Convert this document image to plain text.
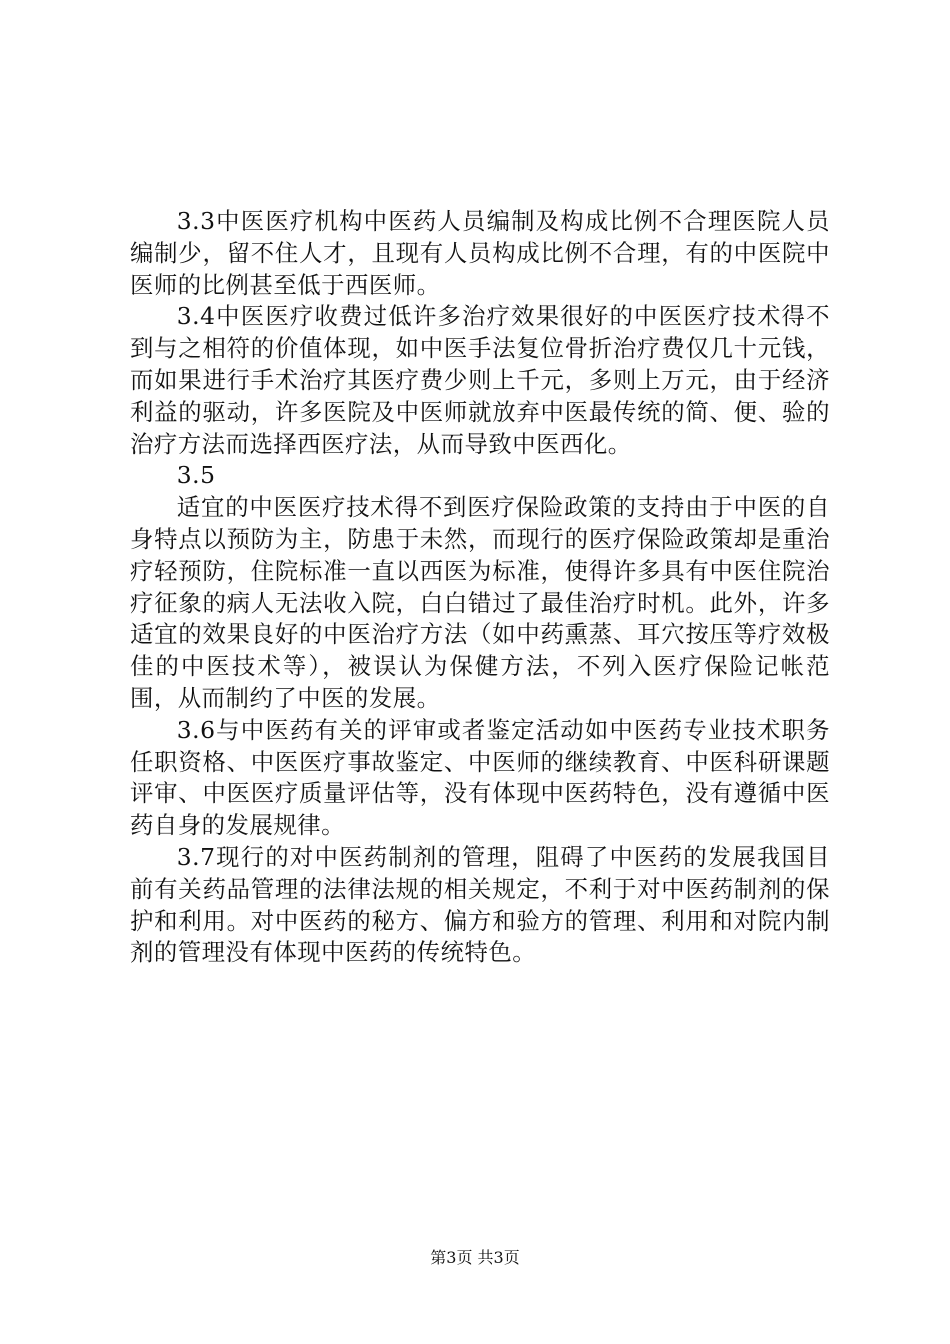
3.3中医医疗机构中医药人员编制及构成比例不合理医院人员编制少，留不住人才，且现有人员构成比例不合理，有的中医院中医师的比例甚至低于西医师。

3.4中医医疗收费过低许多治疗效果很好的中医医疗技术得不到与之相符的价值体现，如中医手法复位骨折治疗费仅几十元钱，而如果进行手术治疗其医疗费少则上千元，多则上万元，由于经济利益的驱动，许多医院及中医师就放弃中医最传统的简、便、验的治疗方法而选择西医疗法，从而导致中医西化。

3.5

适宜的中医医疗技术得不到医疗保险政策的支持由于中医的自身特点以预防为主，防患于未然，而现行的医疗保险政策却是重治疗轻预防，住院标准一直以西医为标准，使得许多具有中医住院治疗征象的病人无法收入院，白白错过了最佳治疗时机。此外，许多适宜的效果良好的中医治疗方法（如中药熏蒸、耳穴按压等疗效极佳的中医技术等），被误认为保健方法，不列入医疗保险记帐范围，从而制约了中医的发展。

3.6与中医药有关的评审或者鉴定活动如中医药专业技术职务任职资格、中医医疗事故鉴定、中医师的继续教育、中医科研课题评审、中医医疗质量评估等，没有体现中医药特色，没有遵循中医药自身的发展规律。

3.7现行的对中医药制剂的管理，阻碍了中医药的发展我国目前有关药品管理的法律法规的相关规定，不利于对中医药制剂的保护和利用。对中医药的秘方、偏方和验方的管理、利用和对院内制剂的管理没有体现中医药的传统特色。

第3页 共3页
